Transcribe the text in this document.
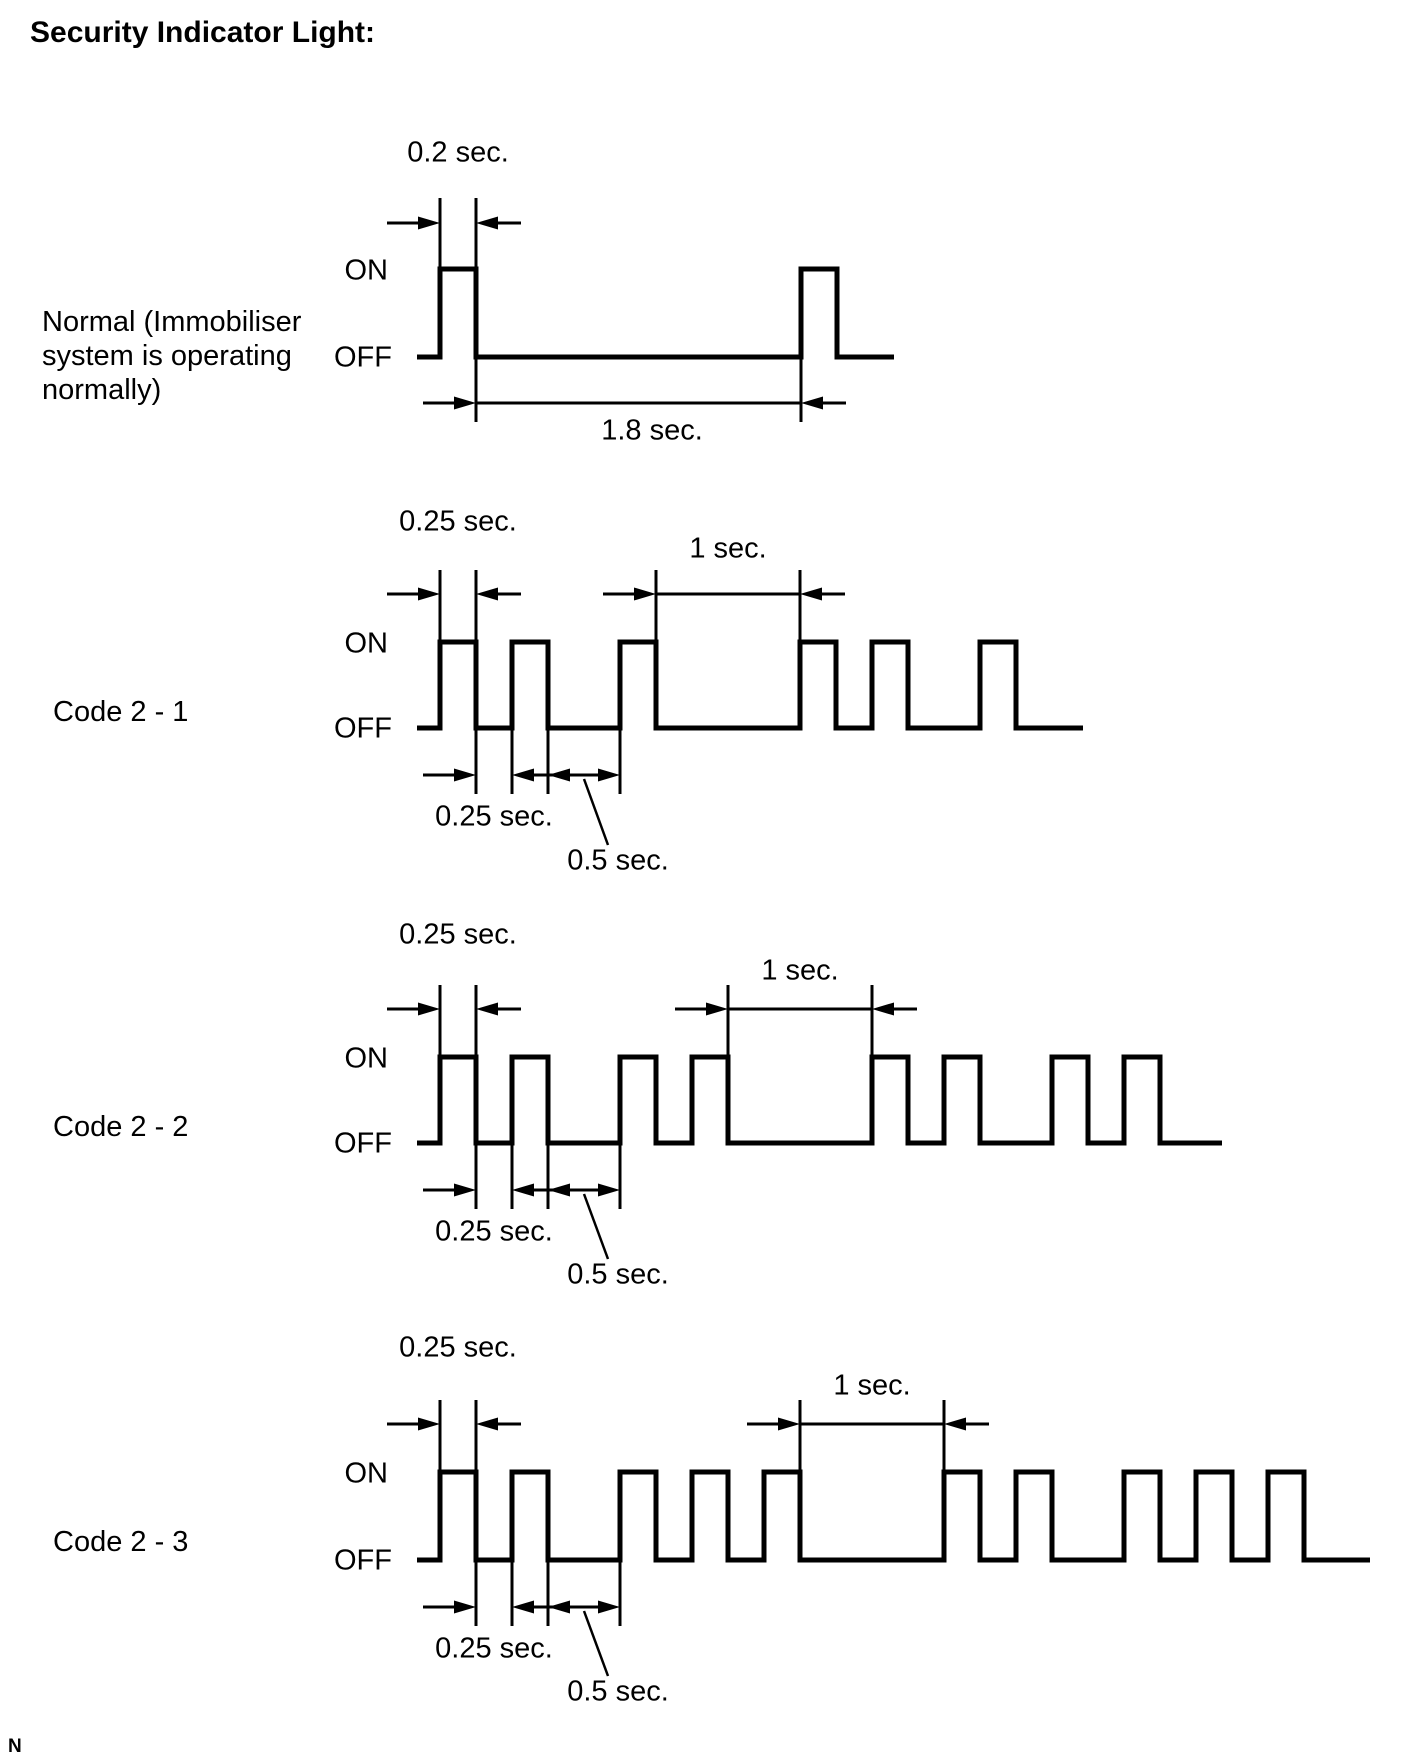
Security Indicator Light:
ON
OFF
Normal (Immobiliser
system is operating
normally)
0.2 sec.
1.8 sec.
ON
OFF
Code 2 - 1
0.25 sec.
1 sec.
0.25 sec.
0.5 sec.
ON
OFF
Code 2 - 2
0.25 sec.
1 sec.
0.25 sec.
0.5 sec.
ON
OFF
Code 2 - 3
0.25 sec.
1 sec.
0.25 sec.
0.5 sec.
N
